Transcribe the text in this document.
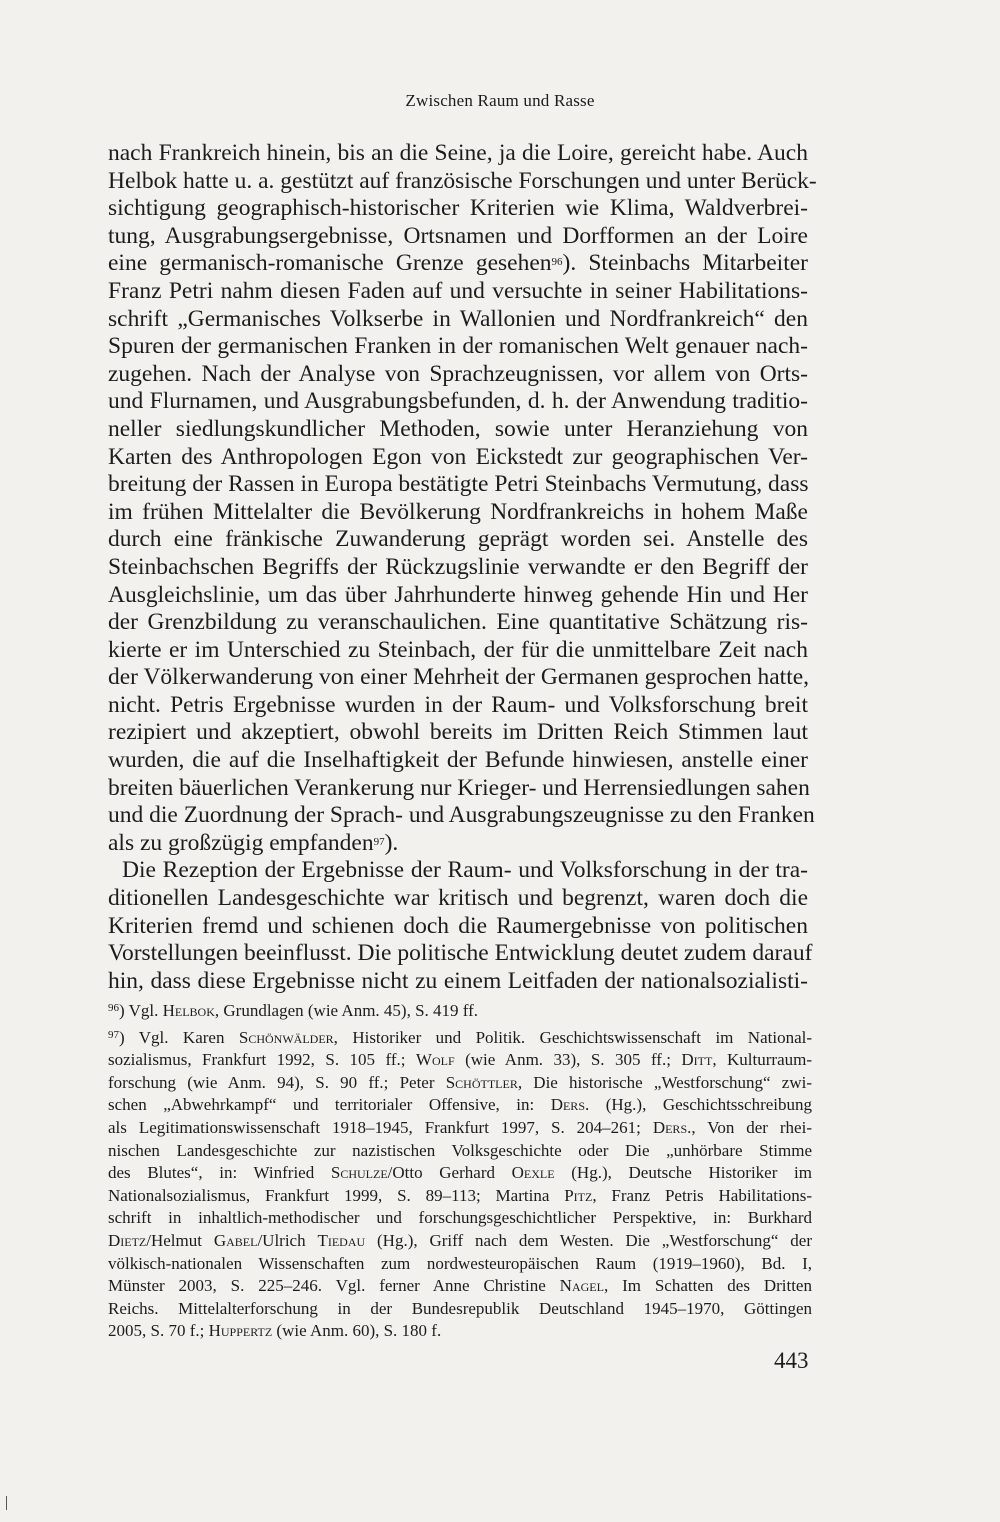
Zwischen Raum und Rasse
nach Frankreich hinein, bis an die Seine, ja die Loire, gereicht habe. Auch
Helbok hatte u. a. gestützt auf französische Forschungen und unter Berück-
sichtigung geographisch-historischer Kriterien wie Klima, Waldverbrei-
tung, Ausgrabungsergebnisse, Ortsnamen und Dorfformen an der Loire
eine germanisch-romanische Grenze gesehen$^{96}$). Steinbachs Mitarbeiter
Franz Petri nahm diesen Faden auf und versuchte in seiner Habilitations-
schrift „Germanisches Volkserbe in Wallonien und Nordfrankreich“ den
Spuren der germanischen Franken in der romanischen Welt genauer nach-
zugehen. Nach der Analyse von Sprachzeugnissen, vor allem von Orts-
und Flurnamen, und Ausgrabungsbefunden, d. h. der Anwendung traditio-
neller siedlungskundlicher Methoden, sowie unter Heranziehung von
Karten des Anthropologen Egon von Eickstedt zur geographischen Ver-
breitung der Rassen in Europa bestätigte Petri Steinbachs Vermutung, dass
im frühen Mittelalter die Bevölkerung Nordfrankreichs in hohem Maße
durch eine fränkische Zuwanderung geprägt worden sei. Anstelle des
Steinbachschen Begriffs der Rückzugslinie verwandte er den Begriff der
Ausgleichslinie, um das über Jahrhunderte hinweg gehende Hin und Her
der Grenzbildung zu veranschaulichen. Eine quantitative Schätzung ris-
kierte er im Unterschied zu Steinbach, der für die unmittelbare Zeit nach
der Völkerwanderung von einer Mehrheit der Germanen gesprochen hatte,
nicht. Petris Ergebnisse wurden in der Raum- und Volksforschung breit
rezipiert und akzeptiert, obwohl bereits im Dritten Reich Stimmen laut
wurden, die auf die Inselhaftigkeit der Befunde hinwiesen, anstelle einer
breiten bäuerlichen Verankerung nur Krieger- und Herrensiedlungen sahen
und die Zuordnung der Sprach- und Ausgrabungszeugnisse zu den Franken
als zu großzügig empfanden$^{97}$).
Die Rezeption der Ergebnisse der Raum- und Volksforschung in der tra-
ditionellen Landesgeschichte war kritisch und begrenzt, waren doch die
Kriterien fremd und schienen doch die Raumergebnisse von politischen
Vorstellungen beeinflusst. Die politische Entwicklung deutet zudem darauf
hin, dass diese Ergebnisse nicht zu einem Leitfaden der nationalsozialisti-
$^{96}$) Vgl. Helbok, Grundlagen (wie Anm. 45), S. 419 ff.
$^{97}$) Vgl. Karen Schönwälder, Historiker und Politik. Geschichtswissenschaft im National-
sozialismus, Frankfurt 1992, S. 105 ff.; Wolf (wie Anm. 33), S. 305 ff.; Ditt, Kulturraum-
forschung (wie Anm. 94), S. 90 ff.; Peter Schöttler, Die historische „Westforschung“ zwi-
schen „Abwehrkampf“ und territorialer Offensive, in: Ders. (Hg.), Geschichtsschreibung
als Legitimationswissenschaft 1918–1945, Frankfurt 1997, S. 204–261; Ders., Von der rhei-
nischen Landesgeschichte zur nazistischen Volksgeschichte oder Die „unhörbare Stimme
des Blutes“, in: Winfried Schulze/Otto Gerhard Oexle (Hg.), Deutsche Historiker im
Nationalsozialismus, Frankfurt 1999, S. 89–113; Martina Pitz, Franz Petris Habilitations-
schrift in inhaltlich-methodischer und forschungsgeschichtlicher Perspektive, in: Burkhard
Dietz/Helmut Gabel/Ulrich Tiedau (Hg.), Griff nach dem Westen. Die „Westforschung“ der
völkisch-nationalen Wissenschaften zum nordwesteuropäischen Raum (1919–1960), Bd. I,
Münster 2003, S. 225–246. Vgl. ferner Anne Christine Nagel, Im Schatten des Dritten
Reichs. Mittelalterforschung in der Bundesrepublik Deutschland 1945–1970, Göttingen
2005, S. 70 f.; Huppertz (wie Anm. 60), S. 180 f.
443
